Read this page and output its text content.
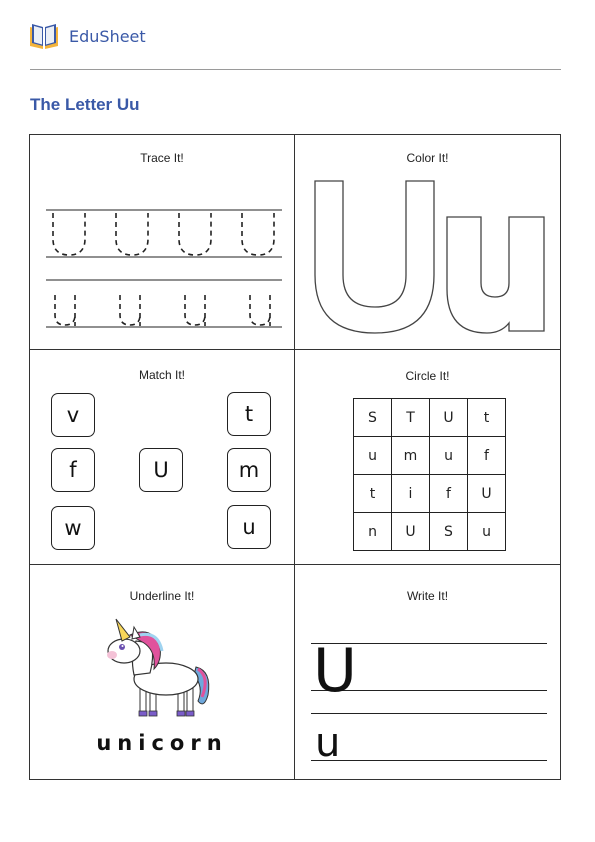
EduSheet
The Letter Uu
Trace It!	Color It!
Match It!
v
f
w
U
t
m
u
Circle It!
S	T	U	t
u	m	u	f
t	i	f	U
n	U	S	u
Underline It!
unicorn
Write It!
U
u
